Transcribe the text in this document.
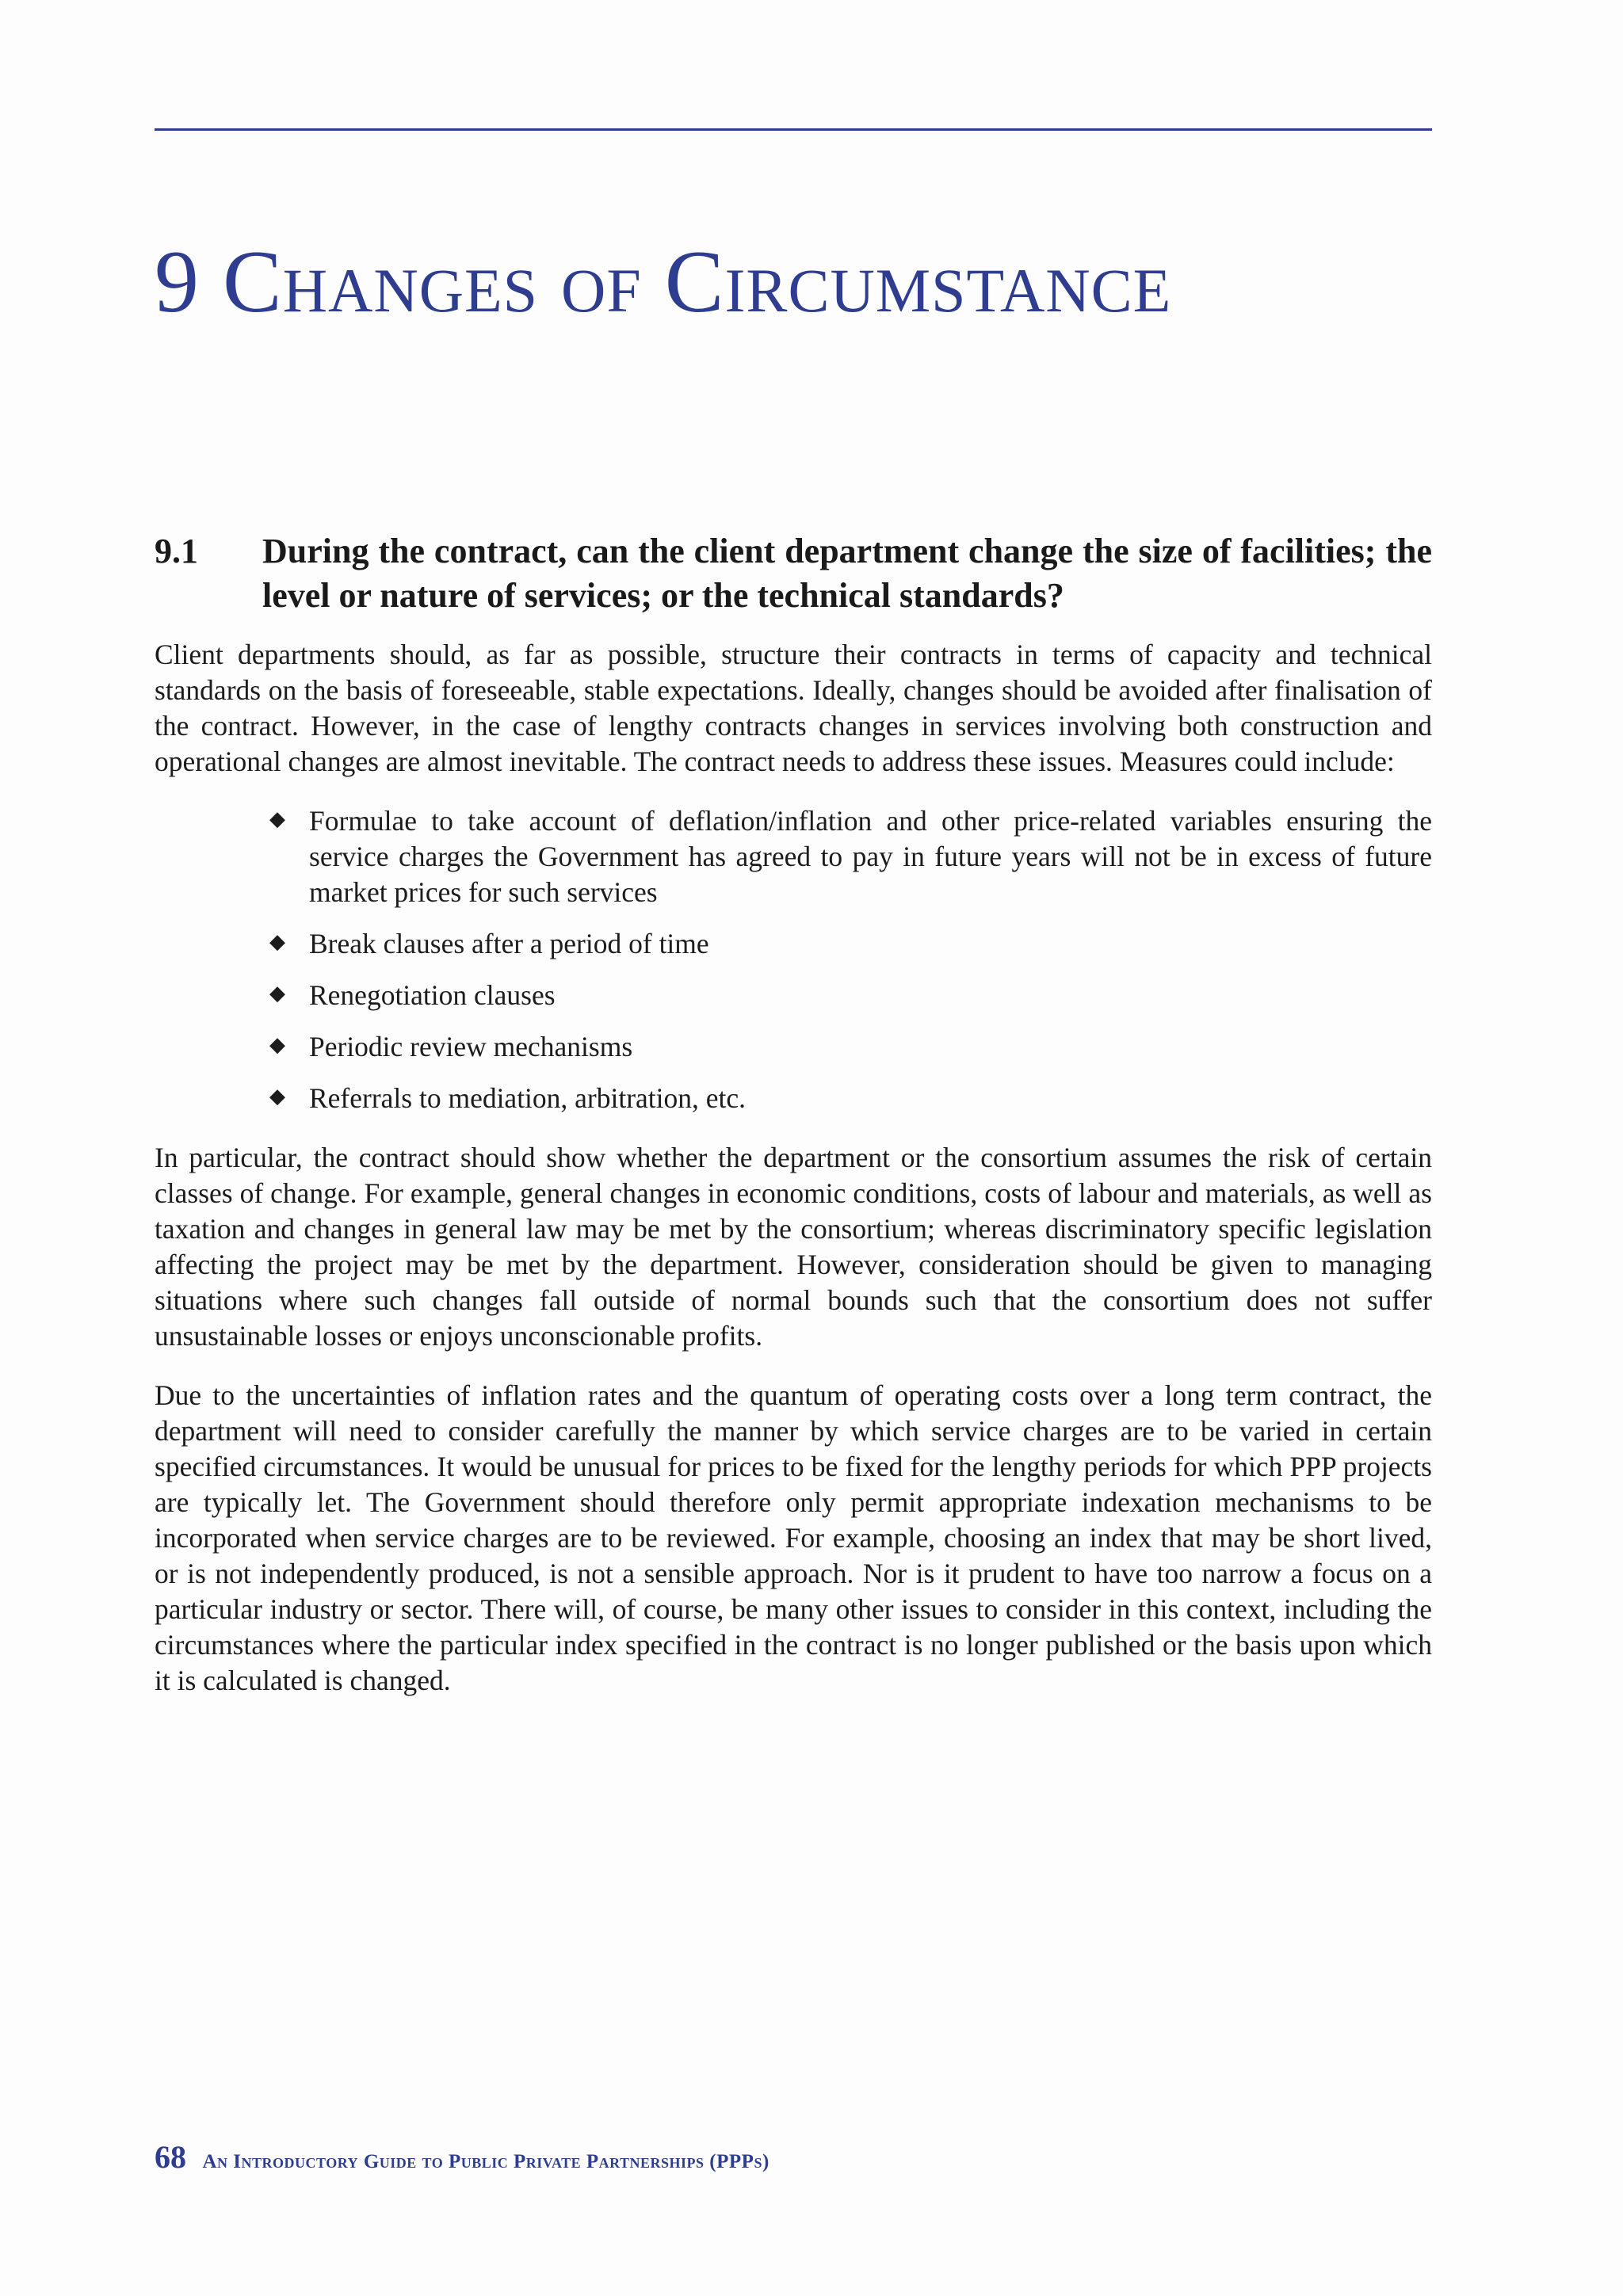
9 Changes of Circumstance
9.1 During the contract, can the client department change the size of facilities; the level or nature of services; or the technical standards?

Client departments should, as far as possible, structure their contracts in terms of capacity and technical standards on the basis of foreseeable, stable expectations. Ideally, changes should be avoided after finalisation of the contract. However, in the case of lengthy contracts changes in services involving both construction and operational changes are almost inevitable. The contract needs to address these issues. Measures could include:

◆ Formulae to take account of deflation/inflation and other price-related variables ensuring the service charges the Government has agreed to pay in future years will not be in excess of future market prices for such services
◆ Break clauses after a period of time
◆ Renegotiation clauses
◆ Periodic review mechanisms
◆ Referrals to mediation, arbitration, etc.

In particular, the contract should show whether the department or the consortium assumes the risk of certain classes of change. For example, general changes in economic conditions, costs of labour and materials, as well as taxation and changes in general law may be met by the consortium; whereas discriminatory specific legislation affecting the project may be met by the department. However, consideration should be given to managing situations where such changes fall outside of normal bounds such that the consortium does not suffer unsustainable losses or enjoys unconscionable profits.

Due to the uncertainties of inflation rates and the quantum of operating costs over a long term contract, the department will need to consider carefully the manner by which service charges are to be varied in certain specified circumstances. It would be unusual for prices to be fixed for the lengthy periods for which PPP projects are typically let. The Government should therefore only permit appropriate indexation mechanisms to be incorporated when service charges are to be reviewed. For example, choosing an index that may be short lived, or is not independently produced, is not a sensible approach. Nor is it prudent to have too narrow a focus on a particular industry or sector. There will, of course, be many other issues to consider in this context, including the circumstances where the particular index specified in the contract is no longer published or the basis upon which it is calculated is changed.

68 An Introductory Guide to Public Private Partnerships (PPPs)
